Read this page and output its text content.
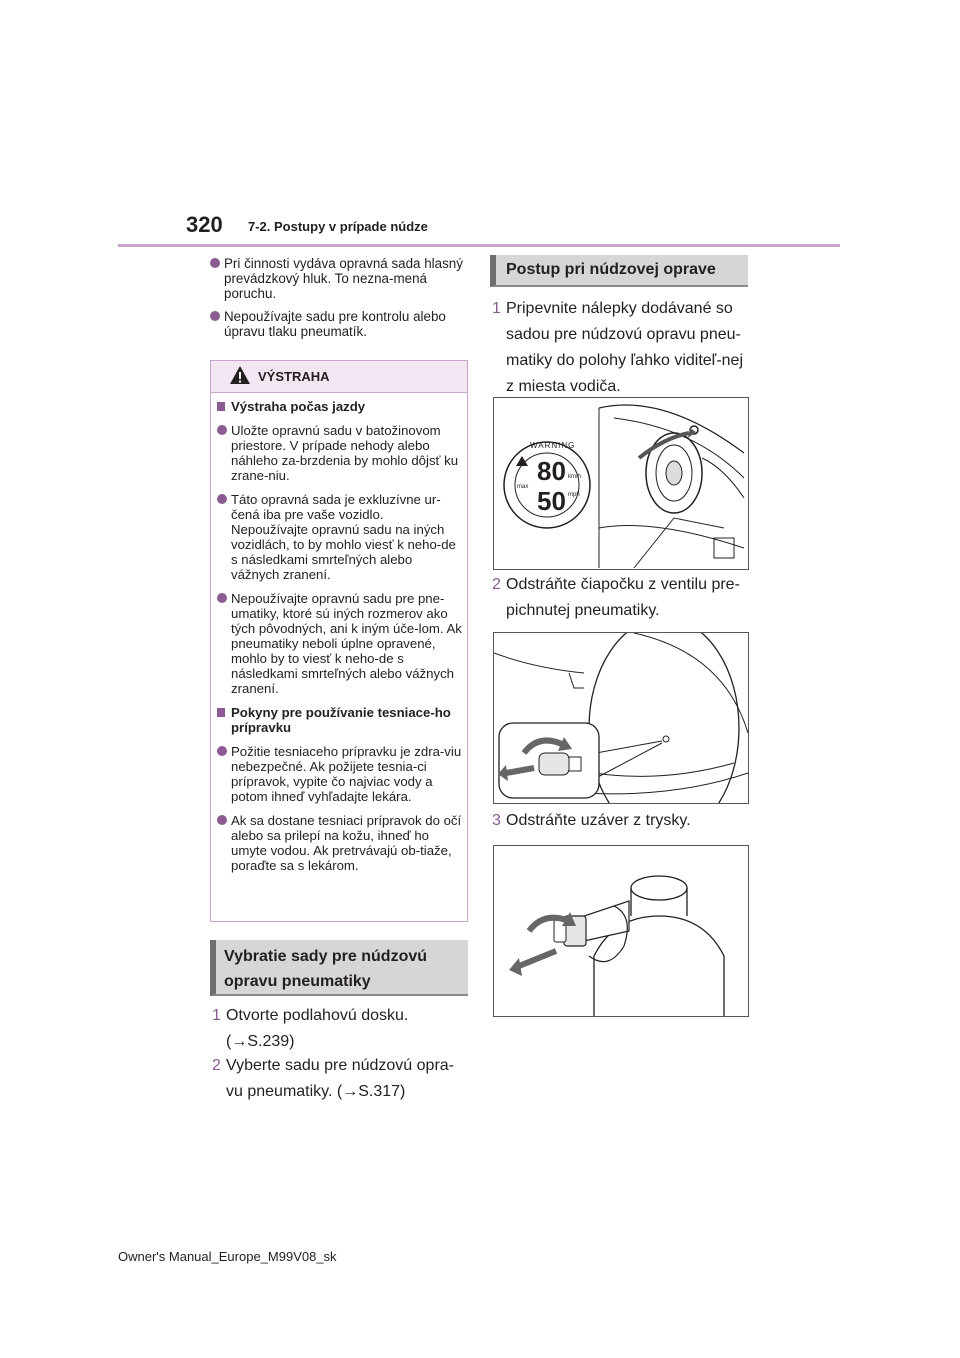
320 7-2. Postupy v prípade núdze
Pri činnosti vydáva opravná sada hlasný prevádzkový hluk. To nezna-mená poruchu.
Nepoužívajte sadu pre kontrolu alebo úpravu tlaku pneumatík.
VÝSTRAHA
Výstraha počas jazdy
Uložte opravnú sadu v batožinovom priestore. V prípade nehody alebo náhleho za-brzdenia by mohlo dôjsť ku zrane-niu.
Táto opravná sada je exkluzívne ur-čená iba pre vaše vozidlo. Nepoužívajte opravnú sadu na iných vozidlách, to by mohlo viesť k neho-de s následkami smrteľných alebo vážnych zranení.
Nepoužívajte opravnú sadu pre pne-umatiky, ktoré sú iných rozmerov ako tých pôvodných, ani k iným úče-lom. Ak pneumatiky neboli úplne opravené, mohlo by to viesť k neho-de s následkami smrteľných alebo vážnych zranení.
Pokyny pre používanie tesniace-ho prípravku
Požitie tesniaceho prípravku je zdra-viu nebezpečné. Ak požijete tesnia-ci prípravok, vypite čo najviac vody a potom ihneď vyhľadajte lekára.
Ak sa dostane tesniaci prípravok do očí alebo sa prilepí na kožu, ihneď ho umyte vodou. Ak pretrvávajú ob-tiaže, poraďte sa s lekárom.
Vybratie sady pre núdzovú opravu pneumatiky
1 Otvorte podlahovú dosku. (→S.239)
2 Vyberte sadu pre núdzovú opra-vu pneumatiky. (→S.317)
Postup pri núdzovej oprave
1 Pripevnite nálepky dodávané so sadou pre núdzovú opravu pneu-matiky do polohy ľahko viditeľ-nej z miesta vodiča.
WARNING
80 km/h
50 mph
max
2 Odstráňte čiapočku z ventilu pre-pichnutej pneumatiky.
3 Odstráňte uzáver z trysky.
Owner's Manual_Europe_M99V08_sk
